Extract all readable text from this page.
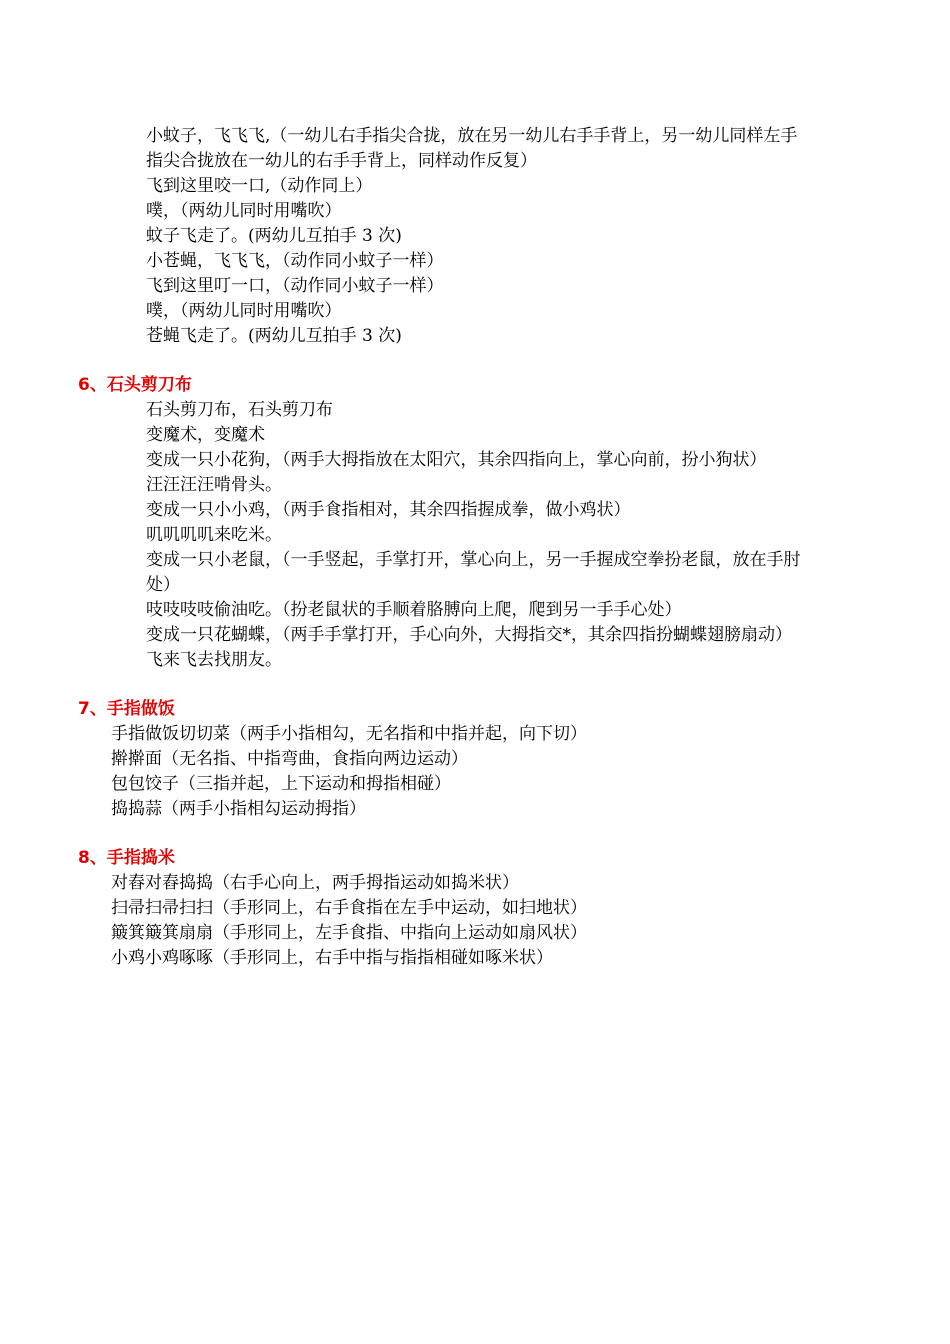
小蚊子，飞飞飞,（一幼儿右手指尖合拢，放在另一幼儿右手手背上，另一幼儿同样左手
指尖合拢放在一幼儿的右手手背上，同样动作反复）
飞到这里咬一口,（动作同上）
噗，（两幼儿同时用嘴吹）
蚊子飞走了。(两幼儿互拍手 3 次)
小苍蝇，飞飞飞，（动作同小蚊子一样）
飞到这里叮一口，（动作同小蚊子一样）
噗，（两幼儿同时用嘴吹）
苍蝇飞走了。(两幼儿互拍手 3 次)
6、石头剪刀布
石头剪刀布，石头剪刀布
变魔术，变魔术
变成一只小花狗，（两手大拇指放在太阳穴，其余四指向上，掌心向前，扮小狗状）
汪汪汪汪啃骨头。
变成一只小小鸡，（两手食指相对，其余四指握成拳，做小鸡状）
叽叽叽叽来吃米。
变成一只小老鼠，（一手竖起，手掌打开，掌心向上，另一手握成空拳扮老鼠，放在手肘
处）
吱吱吱吱偷油吃。（扮老鼠状的手顺着胳膊向上爬，爬到另一手手心处）
变成一只花蝴蝶，（两手手掌打开，手心向外，大拇指交*，其余四指扮蝴蝶翅膀扇动）
飞来飞去找朋友。
7、手指做饭
手指做饭切切菜（两手小指相勾，无名指和中指并起，向下切）
擀擀面（无名指、中指弯曲，食指向两边运动）
包包饺子（三指并起，上下运动和拇指相碰）
捣捣蒜（两手小指相勾运动拇指）
8、手指捣米
对舂对舂捣捣（右手心向上，两手拇指运动如捣米状）
扫帚扫帚扫扫（手形同上，右手食指在左手中运动，如扫地状）
簸箕簸箕扇扇（手形同上，左手食指、中指向上运动如扇风状）
小鸡小鸡啄啄（手形同上，右手中指与指指相碰如啄米状）
